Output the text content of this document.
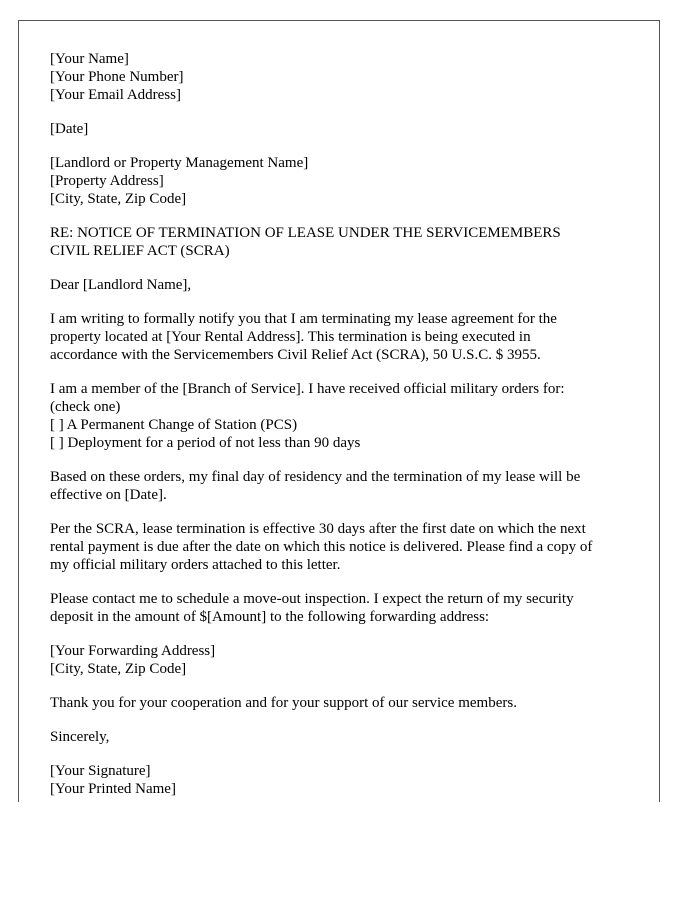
[Your Name]
[Your Phone Number]
[Your Email Address]
[Date]
[Landlord or Property Management Name]
[Property Address]
[City, State, Zip Code]
RE: NOTICE OF TERMINATION OF LEASE UNDER THE SERVICEMEMBERS
CIVIL RELIEF ACT (SCRA)
Dear [Landlord Name],
I am writing to formally notify you that I am terminating my lease agreement for the
property located at [Your Rental Address]. This termination is being executed in
accordance with the Servicemembers Civil Relief Act (SCRA), 50 U.S.C. $ 3955.
I am a member of the [Branch of Service]. I have received official military orders for:
(check one)
[ ] A Permanent Change of Station (PCS)
[ ] Deployment for a period of not less than 90 days
Based on these orders, my final day of residency and the termination of my lease will be
effective on [Date].
Per the SCRA, lease termination is effective 30 days after the first date on which the next
rental payment is due after the date on which this notice is delivered. Please find a copy of
my official military orders attached to this letter.
Please contact me to schedule a move-out inspection. I expect the return of my security
deposit in the amount of $[Amount] to the following forwarding address:
[Your Forwarding Address]
[City, State, Zip Code]
Thank you for your cooperation and for your support of our service members.
Sincerely,
[Your Signature]
[Your Printed Name]
